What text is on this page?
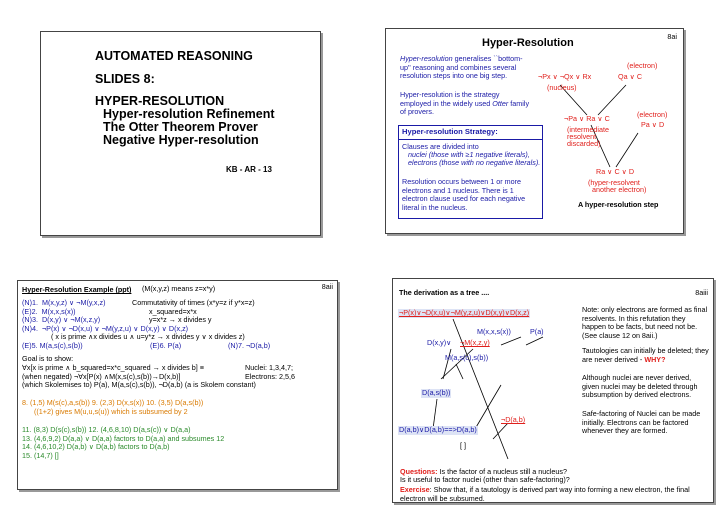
AUTOMATED REASONING
SLIDES 8:
HYPER-RESOLUTION
Hyper-resolution Refinement
The Otter Theorem Prover
Negative Hyper-resolution
KB - AR - 13
8ai
Hyper-Resolution
Hyper-resolution generalises ``bottom-up'' reasoning and combines several resolution steps into one big step.
Hyper-resolution is the strategy employed in the widely used Otter family of provers.
Hyper-resolution Strategy:
Clauses are divided into
nuclei (those with ≥1 negative literals),
electrons (those with no negative literals).
Resolution occurs between 1 or more electrons and 1 nucleus. There is 1 electron clause used for each negative literal in the nucleus.
(electron)
¬Px ∨ ¬Qx ∨ Rx	Qa ∨ C
(nucleus)
(electron)
¬Pa ∨ Ra ∨ C
Pa ∨ D
(intermediate
resolvent
discarded)
Ra ∨ C ∨ D
(hyper-resolvent
another electron)
A hyper-resolution step
8aii
Hyper-Resolution Example (ppt) (M(x,y,z) means z=x*y)
(N)1. M(x,y,z) ∨ ¬M(y,x,z)	Commutativity of times (x*y=z if y*x=z)
(E)2. M(x,x,s(x))	x_squared=x*x
(N)3. D(x,y) ∨ ¬M(x,z,y)	y=x*z → x divides y
(N)4. ¬P(x) ∨ ¬D(x,u) ∨ ¬M(y,z,u) ∨ D(x,y) ∨ D(x,z)
( x is prime ∧x divides u ∧ u=y*z → x divides y ∨ x divides z)
(E)5. M(a,s(c),s(b))	(E)6. P(a)	(N)7. ¬D(a,b)
Goal is to show:
∀x[x is prime ∧ b_squared=x*c_squared → x divides b] ≡	Nuclei: 1,3,4,7;
(when negated) ¬∀x[P(x) ∧M(x,s(c),s(b))→D(x,b)]	Electrons: 2,5,6
(which Skolemises to) P(a), M(a,s(c),s(b)), ¬D(a,b) (a is Skolem constant)
8. (1,5) M(s(c),a,s(b)) 9. (2,3) D(x,s(x)) 10. (3,5) D(a,s(b))
((1+2) gives M(u,u,s(u)) which is subsumed by 2
11. (8,3) D(s(c),s(b)) 12. (4,6,8,10) D(a,s(c)) ∨ D(a,a)
13. (4,6,9,2) D(a,a) ∨ D(a,a) factors to D(a,a) and subsumes 12
14. (4,6,10,2) D(a,b) ∨ D(a,b) factors to D(a,b)
15. (14,7) []
8aiii
The derivation as a tree ....
¬P(x)∨¬D(x,u)∨¬M(y,z,u)∨D(x,y)∨D(x,z)
M(x,x,s(x))	P(a)
D(x,y)∨ ¬M(x,z,y)
M(a,s(c),s(b))
D(a,s(b))
¬D(a,b)
D(a,b)∨D(a,b)==>D(a,b)
[ ]
Note: only electrons are formed as final resolvents. In this refutation they happen to be facts, but need not be. (See clause 12 on 8aii.)
Tautologies can initially be deleted; they are never derived - WHY?
Although nuclei are never derived, given nuclei may be deleted through subsumption by derived electrons.
Safe-factoring of Nuclei can be made initially. Electrons can be factored whenever they are formed.
Questions: Is the factor of a nucleus still a nucleus?
Is it useful to factor nuclei (other than safe-factoring)?
Exercise: Show that, if a tautology is derived part way into forming a new electron, the final electron will be subsumed.
